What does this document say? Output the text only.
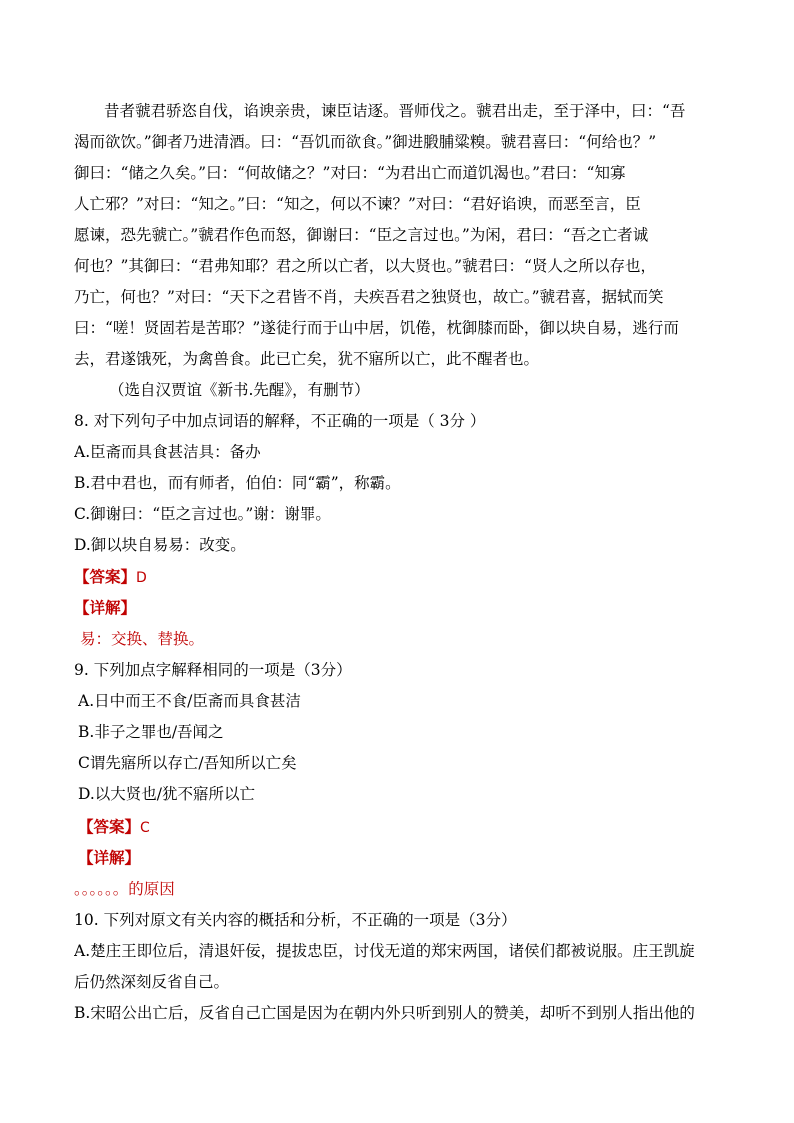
昔者虢君骄恣自伐，谄谀亲贵，谏臣诘逐。晋师伐之。虢君出走，至于泽中，曰：“吾
渴而欲饮。”御者乃进清酒。曰：“吾饥而欲食。”御进腶脯粱糗。虢君喜曰：“何给也？”
御曰：“储之久矣。”曰：“何故储之？”对曰：“为君出亡而道饥渴也。”君曰：“知寡
人亡邪？”对曰：“知之。”曰：“知之，何以不谏？”对曰：“君好谄谀，而恶至言，臣
愿谏，恐先虢亡。”虢君作色而怒，御谢曰：“臣之言过也。”为闲，君曰：“吾之亡者诚
何也？”其御曰：“君弗知耶？君之所以亡者，以大贤也。”虢君曰：“贤人之所以存也，
乃亡，何也？”对曰：“天下之君皆不肖，夫疾吾君之独贤也，故亡。”虢君喜，据轼而笑
曰：“嗟！贤固若是苦耶？”遂徒行而于山中居，饥倦，枕御膝而卧，御以块自易，逃行而
去，君遂饿死，为禽兽食。此已亡矣，犹不寤所以亡，此不醒者也。
（选自汉贾谊《新书.先醒》，有删节）
8. 对下列句子中加点词语的解释，不正确的一项是（ 3分 ）
A.臣斋而具食甚洁具：备办
B.君中君也，而有师者，伯伯：同“霸”，称霸。
C.御谢曰：“臣之言过也。”谢：谢罪。
D.御以块自易易：改变。
【答案】D
【详解】
易：交换、替换。
9. 下列加点字解释相同的一项是（3分）
A.日中而王不食/臣斋而具食甚洁
B.非子之罪也/吾闻之
C谓先寤所以存亡/吾知所以亡矣
D.以大贤也/犹不寤所以亡
【答案】C
【详解】
。。。。。。的原因
10. 下列对原文有关内容的概括和分析，不正确的一项是（3分）
A.楚庄王即位后，清退奸佞，提拔忠臣，讨伐无道的郑宋两国，诸侯们都被说服。庄王凯旋
后仍然深刻反省自己。
B.宋昭公出亡后，反省自己亡国是因为在朝内外只听到别人的赞美，却听不到别人指出他的
